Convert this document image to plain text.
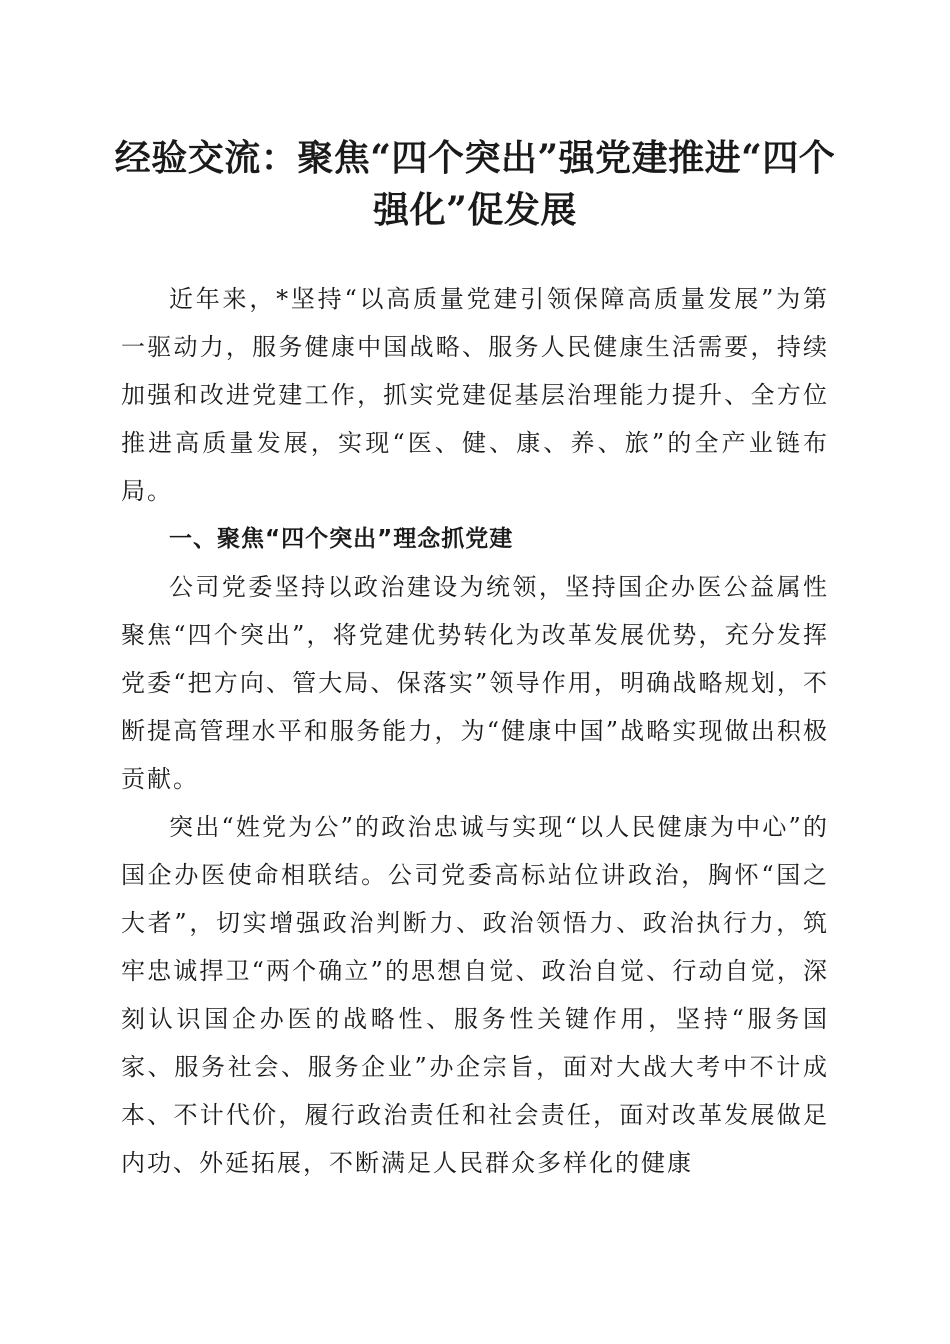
经验交流：聚焦“四个突出”强党建推进“四个强化”促发展

近年来，*坚持“以高质量党建引领保障高质量发展”为第一驱动力，服务健康中国战略、服务人民健康生活需要，持续加强和改进党建工作，抓实党建促基层治理能力提升、全方位推进高质量发展，实现“医、健、康、养、旅”的全产业链布局。

一、聚焦“四个突出”理念抓党建

公司党委坚持以政治建设为统领，坚持国企办医公益属性聚焦“四个突出”，将党建优势转化为改革发展优势，充分发挥党委“把方向、管大局、保落实”领导作用，明确战略规划，不断提高管理水平和服务能力，为“健康中国”战略实现做出积极贡献。

突出“姓党为公”的政治忠诚与实现“以人民健康为中心”的国企办医使命相联结。公司党委高标站位讲政治，胸怀“国之大者”，切实增强政治判断力、政治领悟力、政治执行力，筑牢忠诚捍卫“两个确立”的思想自觉、政治自觉、行动自觉，深刻认识国企办医的战略性、服务性关键作用，坚持“服务国家、服务社会、服务企业”办企宗旨，面对大战大考中不计成本、不计代价，履行政治责任和社会责任，面对改革发展做足内功、外延拓展，不断满足人民群众多样化的健康
